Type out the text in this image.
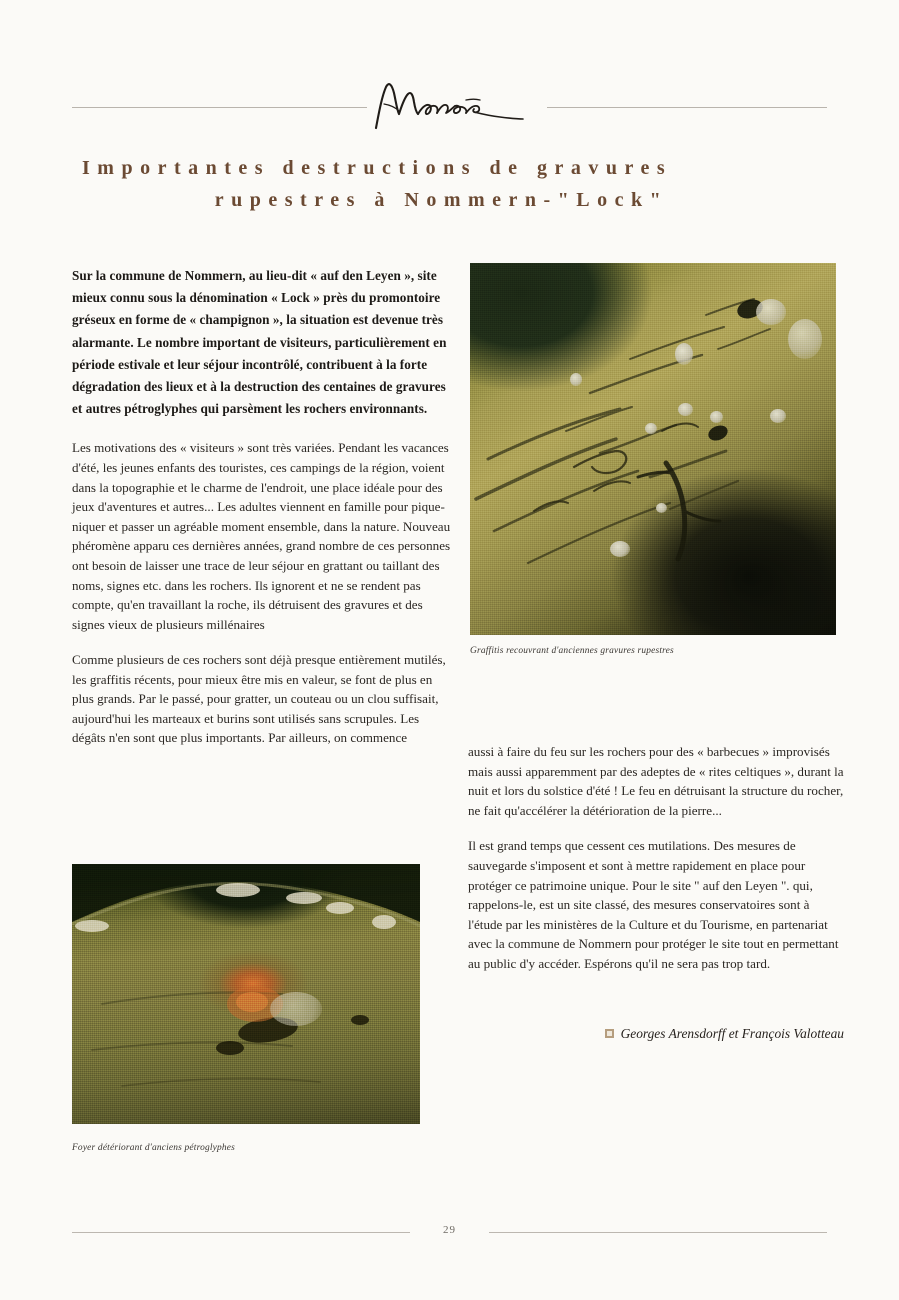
Importantes destructions de gravures
rupestres à Nommern-"Lock"

Sur la commune de Nommern, au lieu-dit « auf den Leyen », site mieux connu sous la dénomination « Lock » près du promontoire gréseux en forme de « champignon », la situation est devenue très alarmante. Le nombre important de visiteurs, particulièrement en période estivale et leur séjour incontrôlé, contribuent à la forte dégradation des lieux et à la destruction des centaines de gravures et autres pétroglyphes qui parsèment les rochers environnants.

Les motivations des « visiteurs » sont très variées. Pendant les vacances d'été, les jeunes enfants des touristes, ces campings de la région, voient dans la topographie et le charme de l'endroit, une place idéale pour des jeux d'aventures et autres... Les adultes viennent en famille pour pique-niquer et passer un agréable moment ensemble, dans la nature. Nouveau phéromène apparu ces dernières années, grand nombre de ces personnes ont besoin de laisser une trace de leur séjour en grattant ou taillant des noms, signes etc. dans les rochers. Ils ignorent et ne se rendent pas compte, qu'en travaillant la roche, ils détruisent des gravures et des signes vieux de plusieurs millénaires

Comme plusieurs de ces rochers sont déjà presque entièrement mutilés, les graffitis récents, pour mieux être mis en valeur, se font de plus en plus grands. Par le passé, pour gratter, un couteau ou un clou suffisait, aujourd'hui les marteaux et burins sont utilisés sans scrupules. Les dégâts n'en sont que plus importants. Par ailleurs, on commence

Graffitis recouvrant d'anciennes gravures rupestres

aussi à faire du feu sur les rochers pour des « barbecues » improvisés mais aussi apparemment par des adeptes de « rites celtiques », durant la nuit et lors du solstice d'été ! Le feu en détruisant la structure du rocher, ne fait qu'accélérer la détérioration de la pierre...

Il est grand temps que cessent ces mutilations. Des mesures de sauvegarde s'imposent et sont à mettre rapidement en place pour protéger ce patrimoine unique. Pour le site " auf den Leyen ". qui, rappelons-le, est un site classé, des mesures conservatoires sont à l'étude par les ministères de la Culture et du Tourisme, en partenariat avec la commune de Nommern pour protéger le site tout en permettant au public d'y accéder. Espérons qu'il ne sera pas trop tard.

Georges Arensdorff et François Valotteau
Foyer détériorant d'anciens pétroglyphes
29
